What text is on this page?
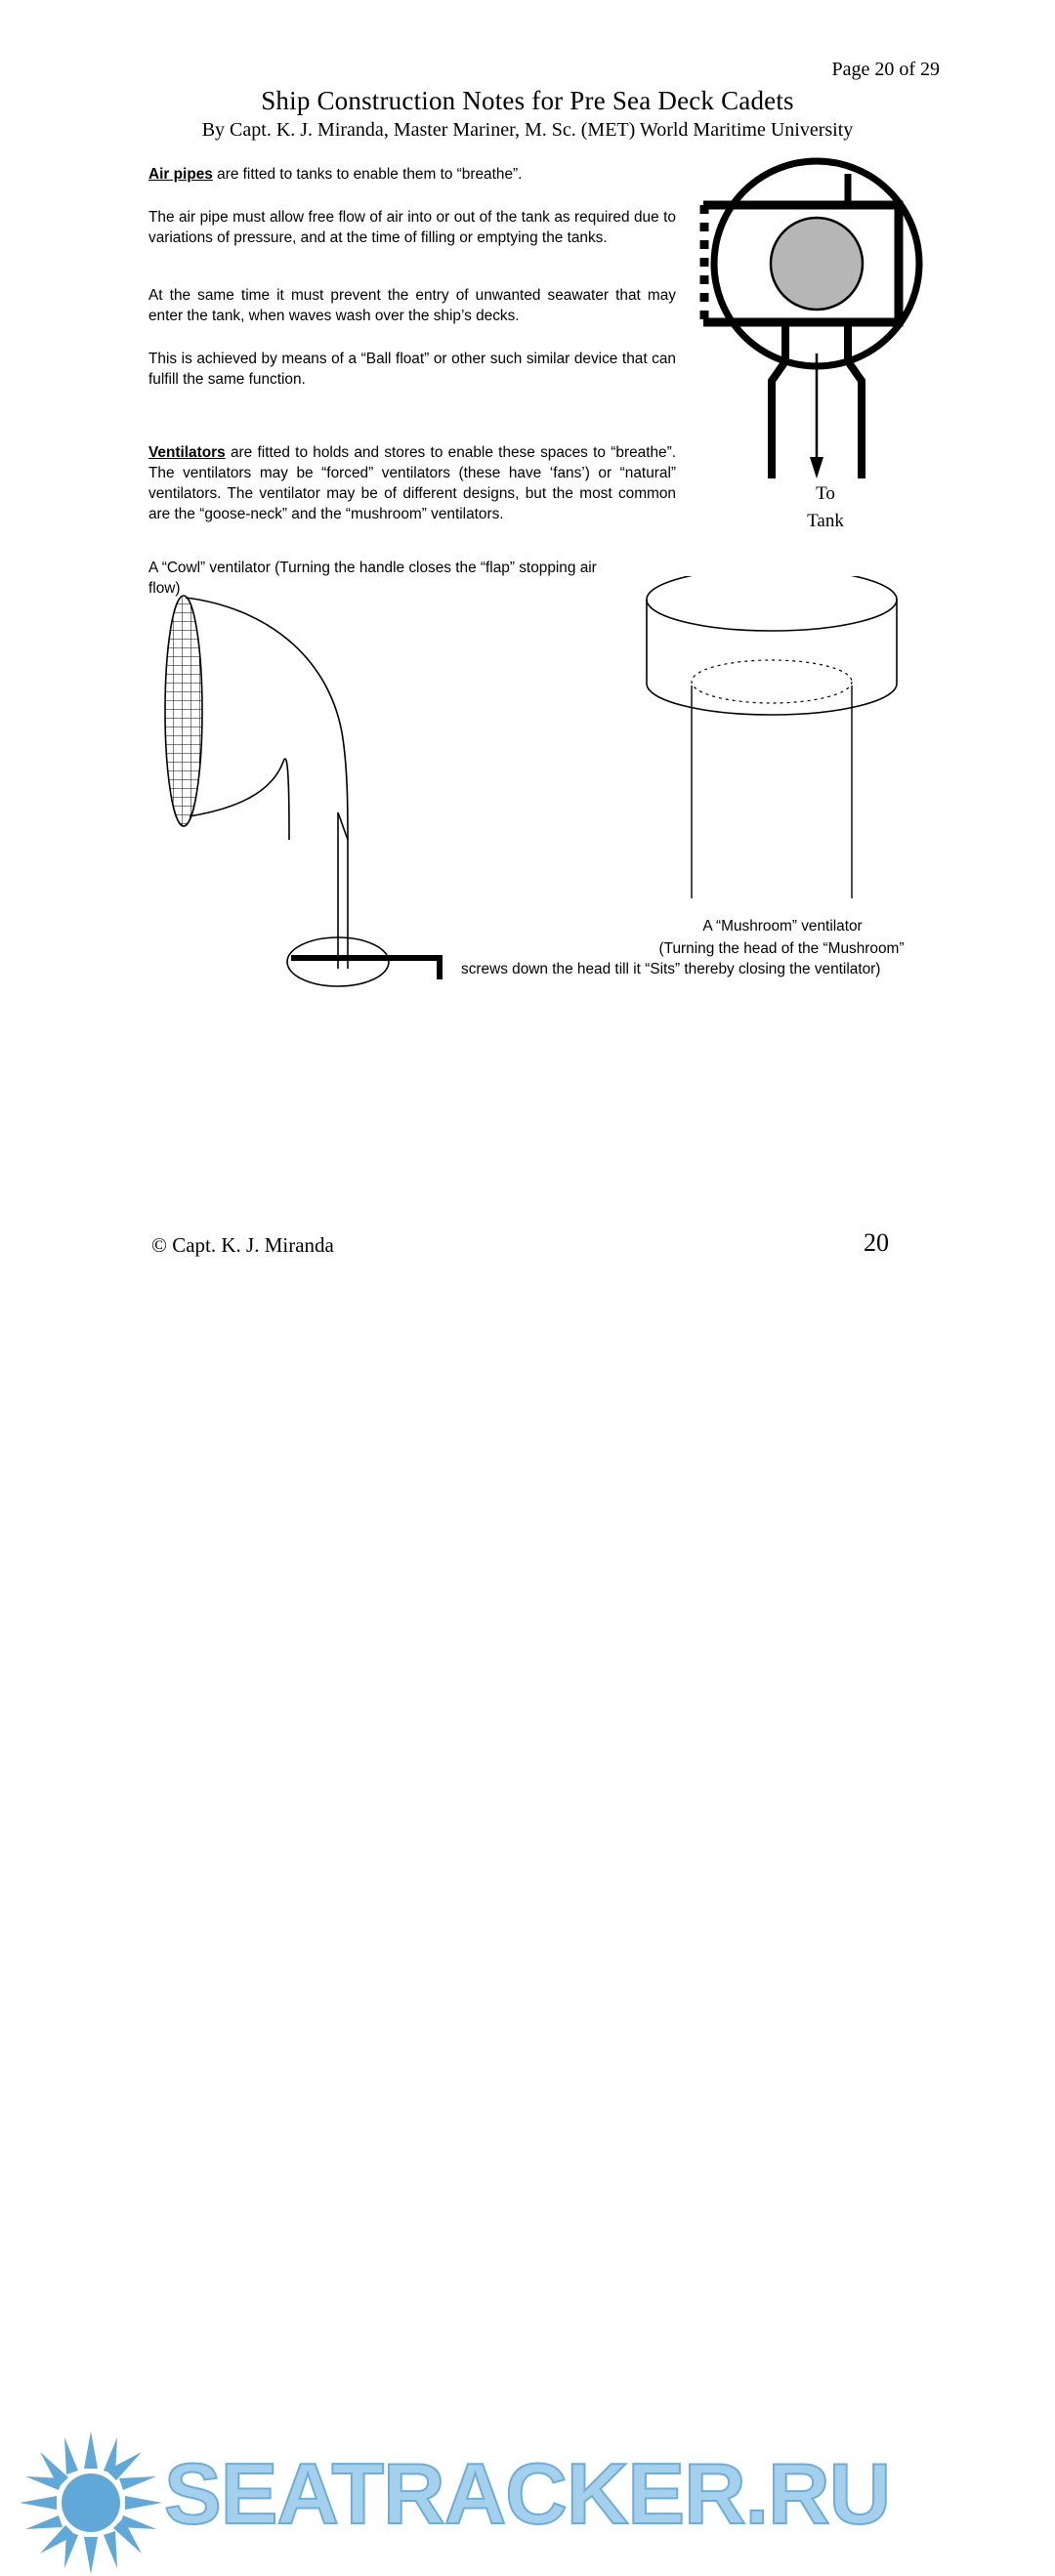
Page 20 of 29
Ship Construction Notes for Pre Sea Deck Cadets
By Capt. K. J. Miranda, Master Mariner, M. Sc. (MET) World Maritime University
Air pipes are fitted to tanks to enable them to “breathe”.
The air pipe must allow free flow of air into or out of the tank as required due to variations of pressure, and at the time of filling or emptying the tanks.
At the same time it must prevent the entry of unwanted seawater that may enter the tank, when waves wash over the ship’s decks.
This is achieved by means of a “Ball float” or other such similar device that can fulfill the same function.
Ventilators are fitted to holds and stores to enable these spaces to “breathe”. The ventilators may be “forced” ventilators (these have ‘fans’) or “natural” ventilators. The ventilator may be of different designs, but the most common are the “goose-neck” and the “mushroom” ventilators.
A “Cowl” ventilator (Turning the handle closes the “flap” stopping air flow)
screws down the head till it “Sits” thereby closing the ventilator)
A “Mushroom” ventilator
(Turning the head of the “Mushroom”
To
Tank
© Capt. K. J. Miranda	20
SEATRACKER.RU
